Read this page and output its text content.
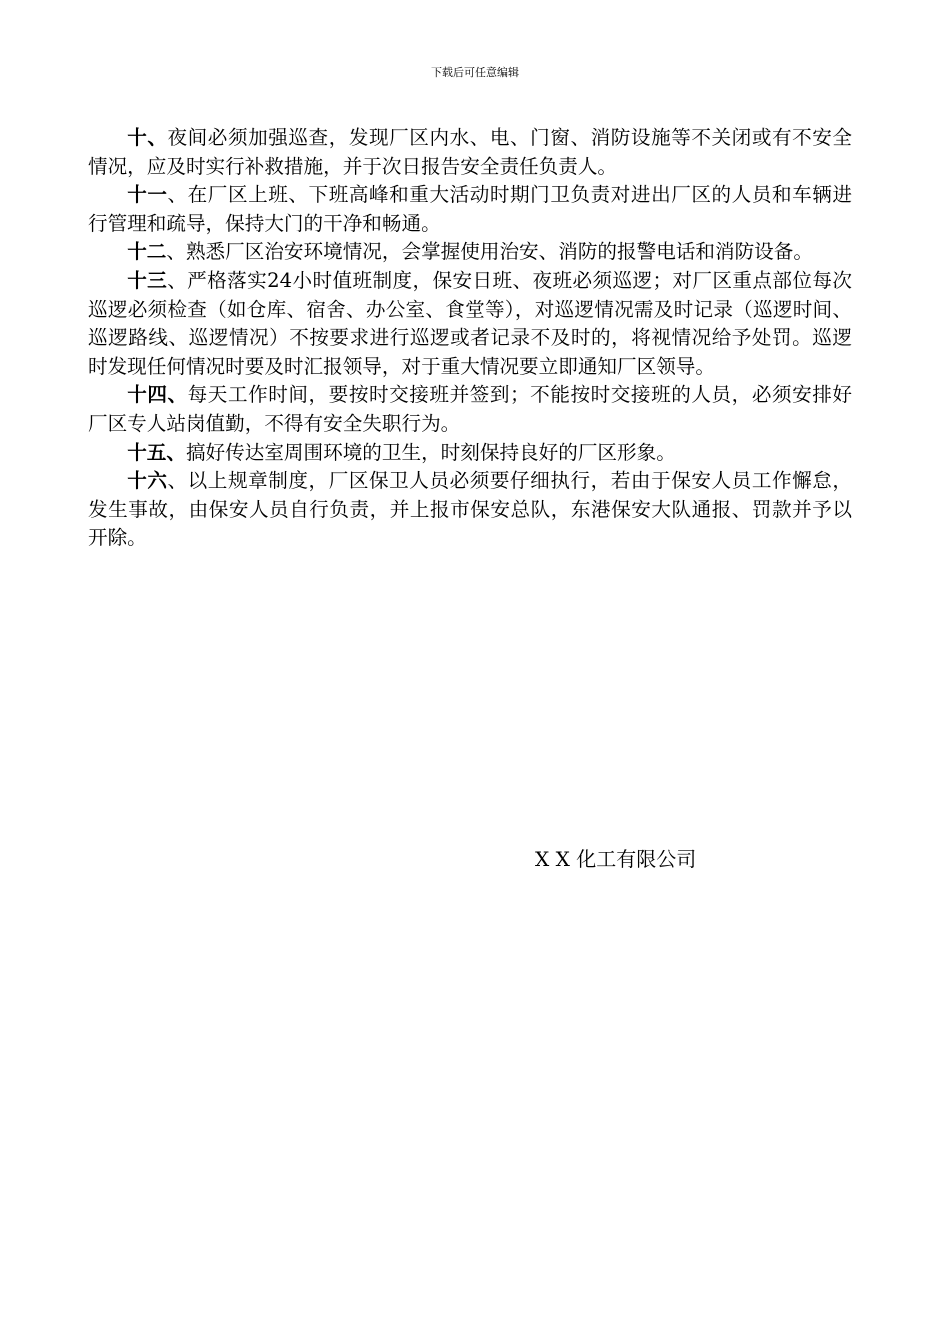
下载后可任意编辑

十、夜间必须加强巡查，发现厂区内水、电、门窗、消防设施等不关闭或有不安全情况，应及时实行补救措施，并于次日报告安全责任负责人。

十一、在厂区上班、下班高峰和重大活动时期门卫负责对进出厂区的人员和车辆进行管理和疏导，保持大门的干净和畅通。

十二、熟悉厂区治安环境情况，会掌握使用治安、消防的报警电话和消防设备。

十三、严格落实24小时值班制度，保安日班、夜班必须巡逻；对厂区重点部位每次巡逻必须检查（如仓库、宿舍、办公室、食堂等），对巡逻情况需及时记录（巡逻时间、巡逻路线、巡逻情况）不按要求进行巡逻或者记录不及时的，将视情况给予处罚。巡逻时发现任何情况时要及时汇报领导，对于重大情况要立即通知厂区领导。

十四、每天工作时间，要按时交接班并签到；不能按时交接班的人员，必须安排好厂区专人站岗值勤，不得有安全失职行为。

十五、搞好传达室周围环境的卫生，时刻保持良好的厂区形象。

十六、以上规章制度，厂区保卫人员必须要仔细执行，若由于保安人员工作懈怠，发生事故，由保安人员自行负责，并上报市保安总队，东港保安大队通报、罚款并予以开除。

X X 化工有限公司
